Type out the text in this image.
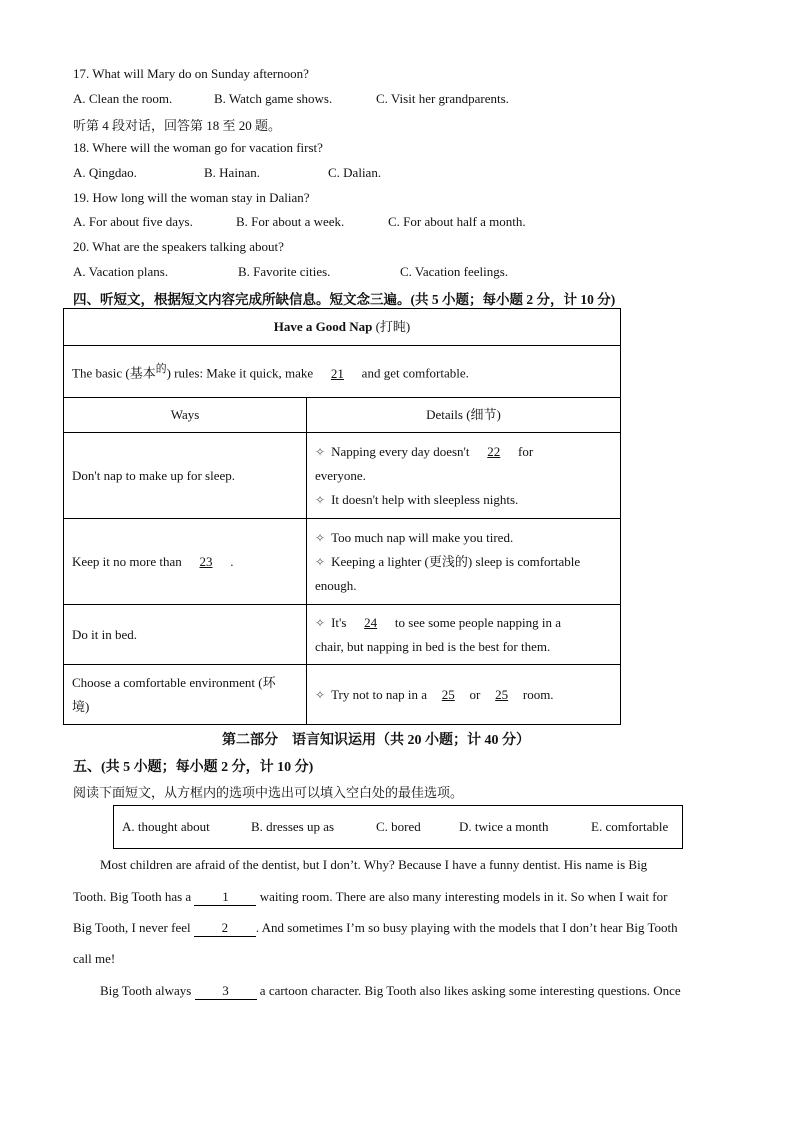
17. What will Mary do on Sunday afternoon?
A. Clean the room.	B. Watch game shows.	C. Visit her grandparents.
听第 4 段对话，回答第 18 至 20 题。
18. Where will the woman go for vacation first?
A. Qingdao.	B. Hainan.	C. Dalian.
19. How long will the woman stay in Dalian?
A. For about five days.	B. For about a week.	C. For about half a month.
20. What are the speakers talking about?
A. Vacation plans.	B. Favorite cities.	C. Vacation feelings.
四、听短文，根据短文内容完成所缺信息。短文念三遍。(共 5 小题；每小题 2 分，计 10 分)
Have a Good Nap (打盹)	
The basic (基本$^的$) rules: Make it quick, make 21 and get comfortable.	
Ways	Details (细节)
Don't nap to make up for sleep.	✧ Napping every day doesn't 22 for
everyone.
✧ It doesn't help with sleepless nights.

Keep it no more than 23 .	✧ Too much nap will make you tired.
✧ Keeping a lighter (更浅的) sleep is comfortable
enough.

Do it in bed.	✧ It's 24 to see some people napping in a
chair, but napping in bed is the best for them.

Choose a comfortable environment (环
境)	✧ Try not to nap in a 25 or 25 room.
第二部分　语言知识运用（共 20 小题；计 40 分）
五、(共 5 小题；每小题 2 分，计 10 分)
阅读下面短文，从方框内的选项中选出可以填入空白处的最佳选项。
A. thought about	B. dresses up as	C. bored	D. twice a month	E. comfortable
Most children are afraid of the dentist, but I don’t. Why? Because I have a funny dentist. His name is Big
Tooth. Big Tooth has a 1 waiting room. There are also many interesting models in it. So when I wait for
Big Tooth, I never feel 2 . And sometimes I’m so busy playing with the models that I don’t hear Big Tooth
call me!
Big Tooth always 3 a cartoon character. Big Tooth also likes asking some interesting questions. Once
